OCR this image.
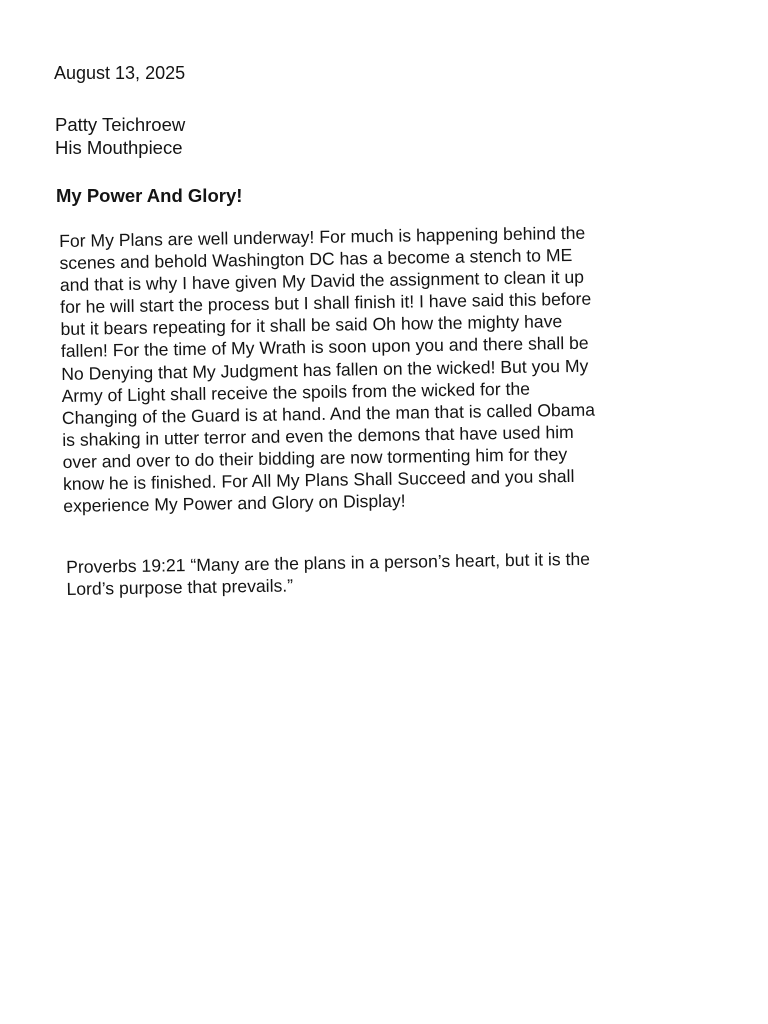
August 13, 2025
Patty Teichroew
His Mouthpiece
My Power And Glory!
For My Plans are well underway! For much is happening behind the
scenes and behold Washington DC has a become a stench to ME
and that is why I have given My David the assignment to clean it up
for he will start the process but I shall finish it! I have said this before
but it bears repeating for it shall be said Oh how the mighty have
fallen! For the time of My Wrath is soon upon you and there shall be
No Denying that My Judgment has fallen on the wicked! But you My
Army of Light shall receive the spoils from the wicked for the
Changing of the Guard is at hand. And the man that is called Obama
is shaking in utter terror and even the demons that have used him
over and over to do their bidding are now tormenting him for they
know he is finished. For All My Plans Shall Succeed and you shall
experience My Power and Glory on Display!
Proverbs 19:21 “Many are the plans in a person’s heart, but it is the
Lord’s purpose that prevails.”
